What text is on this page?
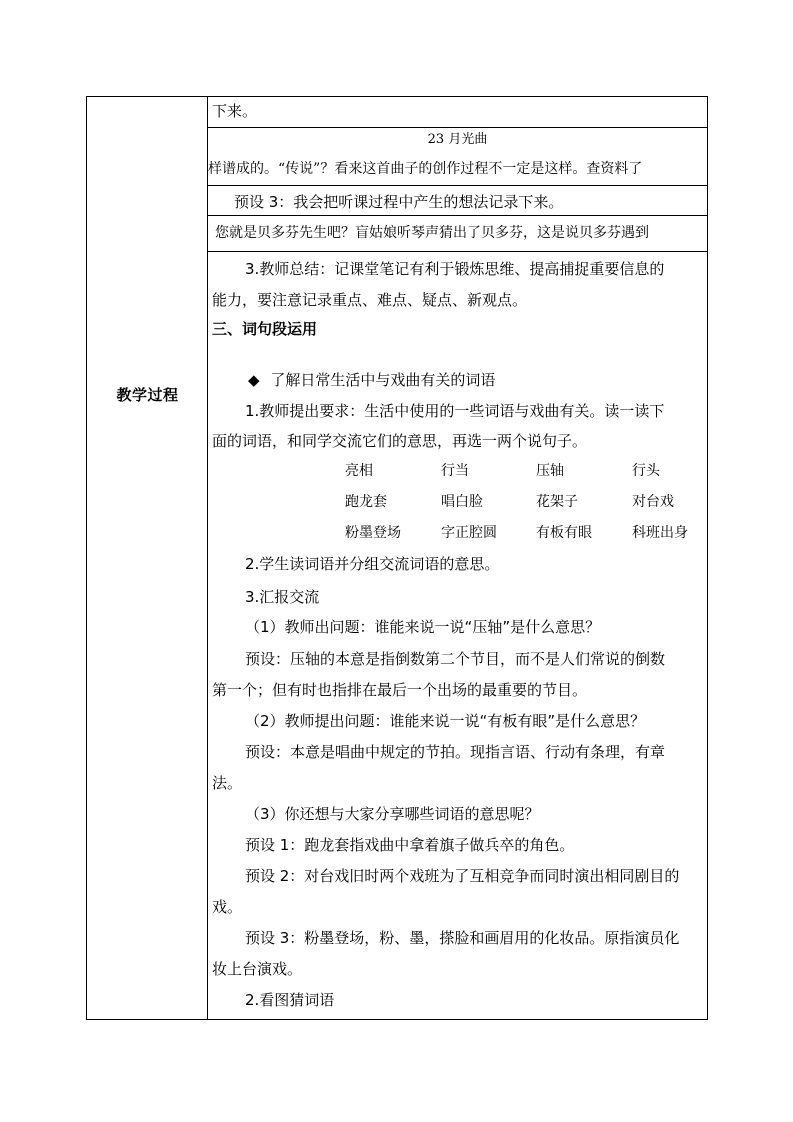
教学过程
下来。
23 月光曲
样谱成的。“传说”？看来这首曲子的创作过程不一定是这样。查资料了
预设 3：我会把听课过程中产生的想法记录下来。
您就是贝多芬先生吧？盲姑娘听琴声猜出了贝多芬，这是说贝多芬遇到
3.教师总结：记课堂笔记有利于锻炼思维、提高捕捉重要信息的
能力，要注意记录重点、难点、疑点、新观点。
三、词句段运用
◆ 了解日常生活中与戏曲有关的词语
1.教师提出要求：生活中使用的一些词语与戏曲有关。读一读下
面的词语，和同学交流它们的意思，再选一两个说句子。
亮相	行当	压轴	行头
跑龙套	唱白脸	花架子	对台戏
粉墨登场	字正腔圆	有板有眼	科班出身
2.学生读词语并分组交流词语的意思。
3.汇报交流
（1）教师出问题：谁能来说一说“压轴”是什么意思？
预设：压轴的本意是指倒数第二个节目，而不是人们常说的倒数
第一个；但有时也指排在最后一个出场的最重要的节目。
（2）教师提出问题：谁能来说一说“有板有眼”是什么意思？
预设：本意是唱曲中规定的节拍。现指言语、行动有条理，有章
法。
（3）你还想与大家分享哪些词语的意思呢？
预设 1：跑龙套指戏曲中拿着旗子做兵卒的角色。
预设 2：对台戏旧时两个戏班为了互相竞争而同时演出相同剧目的
戏。
预设 3：粉墨登场，粉、墨，搽脸和画眉用的化妆品。原指演员化
妆上台演戏。
2.看图猜词语
